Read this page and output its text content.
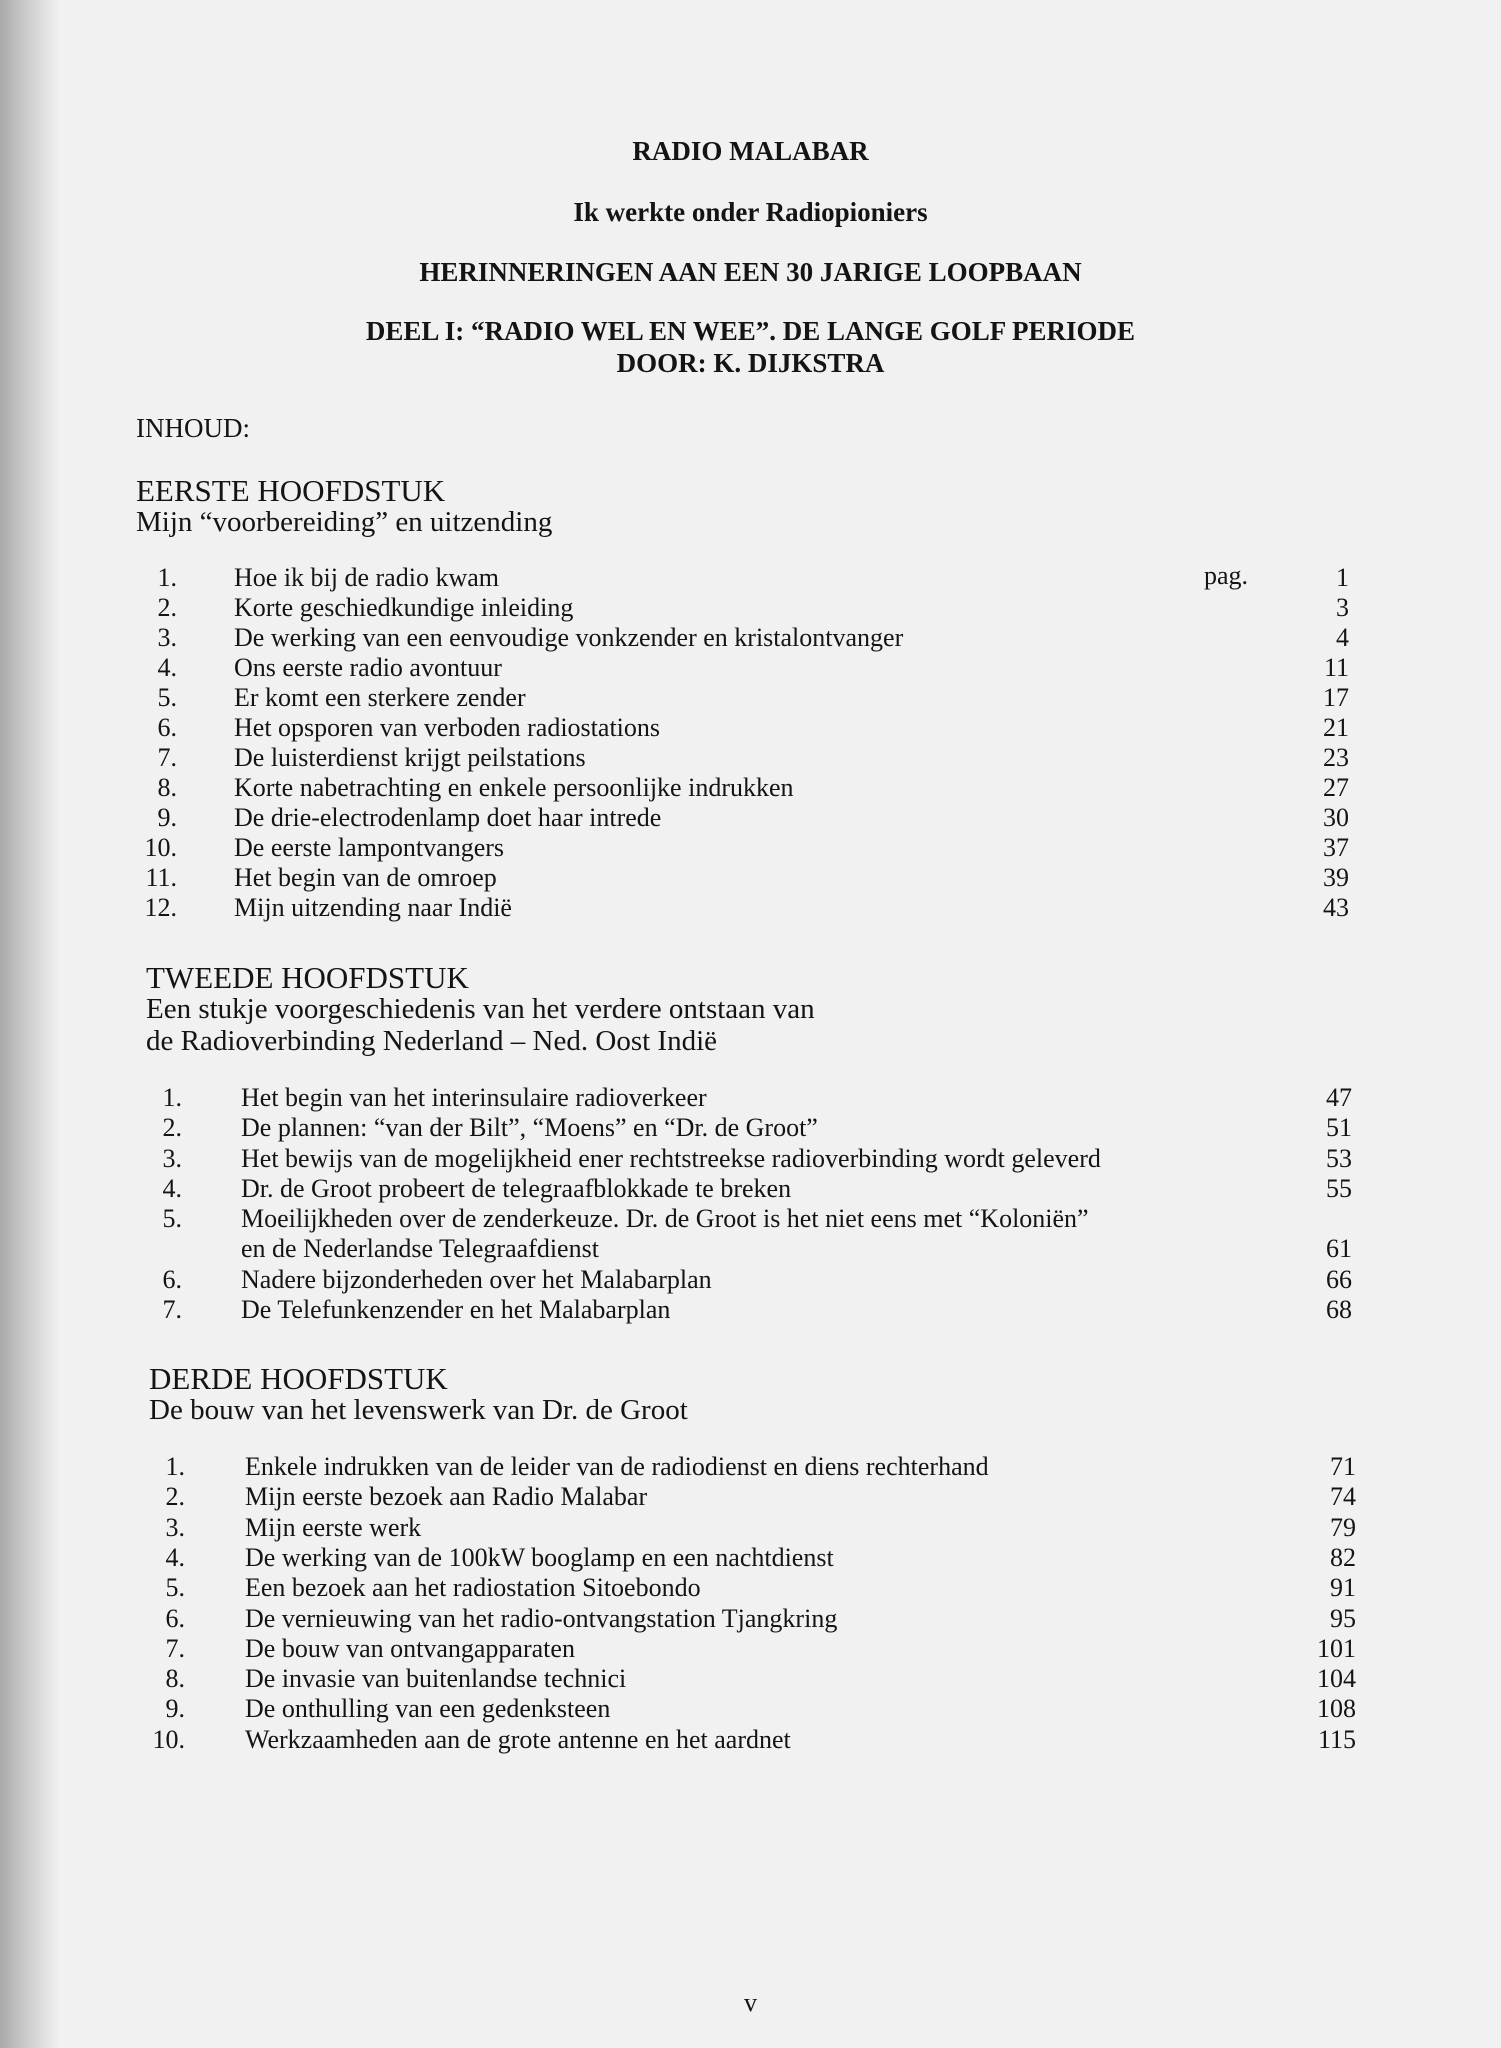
RADIO MALABAR
Ik werkte onder Radiopioniers
HERINNERINGEN AAN EEN 30 JARIGE LOOPBAAN
DEEL I: “RADIO WEL EN WEE”. DE LANGE GOLF PERIODE
DOOR: K. DIJKSTRA
INHOUD:
EERSTE HOOFDSTUK
Mijn “voorbereiding” en uitzending
pag.
TWEEDE HOOFDSTUK
Een stukje voorgeschiedenis van het verdere ontstaan van
de Radioverbinding Nederland – Ned. Oost Indië
DERDE HOOFDSTUK
De bouw van het levenswerk van Dr. de Groot
1. Hoe ik bij de radio kwam	1
2. Korte geschiedkundige inleiding	3
3. De werking van een eenvoudige vonkzender en kristalontvanger	4
4. Ons eerste radio avontuur	11
5. Er komt een sterkere zender	17
6. Het opsporen van verboden radiostations	21
7. De luisterdienst krijgt peilstations	23
8. Korte nabetrachting en enkele persoonlijke indrukken	27
9. De drie-electrodenlamp doet haar intrede	30
10. De eerste lampontvangers	37
11. Het begin van de omroep	39
12. Mijn uitzending naar Indië	43
1. Het begin van het interinsulaire radioverkeer	47
2. De plannen: “van der Bilt”, “Moens” en “Dr. de Groot”	51
3. Het bewijs van de mogelijkheid ener rechtstreekse radioverbinding wordt geleverd	53
4. Dr. de Groot probeert de telegraafblokkade te breken	55
5. Moeilijkheden over de zenderkeuze. Dr. de Groot is het niet eens met “Koloniën”
en de Nederlandse Telegraafdienst	61
6. Nadere bijzonderheden over het Malabarplan	66
7. De Telefunkenzender en het Malabarplan	68
1. Enkele indrukken van de leider van de radiodienst en diens rechterhand	71
2. Mijn eerste bezoek aan Radio Malabar	74
3. Mijn eerste werk	79
4. De werking van de 100kW booglamp en een nachtdienst	82
5. Een bezoek aan het radiostation Sitoebondo	91
6. De vernieuwing van het radio-ontvangstation Tjangkring	95
7. De bouw van ontvangapparaten	101
8. De invasie van buitenlandse technici	104
9. De onthulling van een gedenksteen	108
10. Werkzaamheden aan de grote antenne en het aardnet	115
v
